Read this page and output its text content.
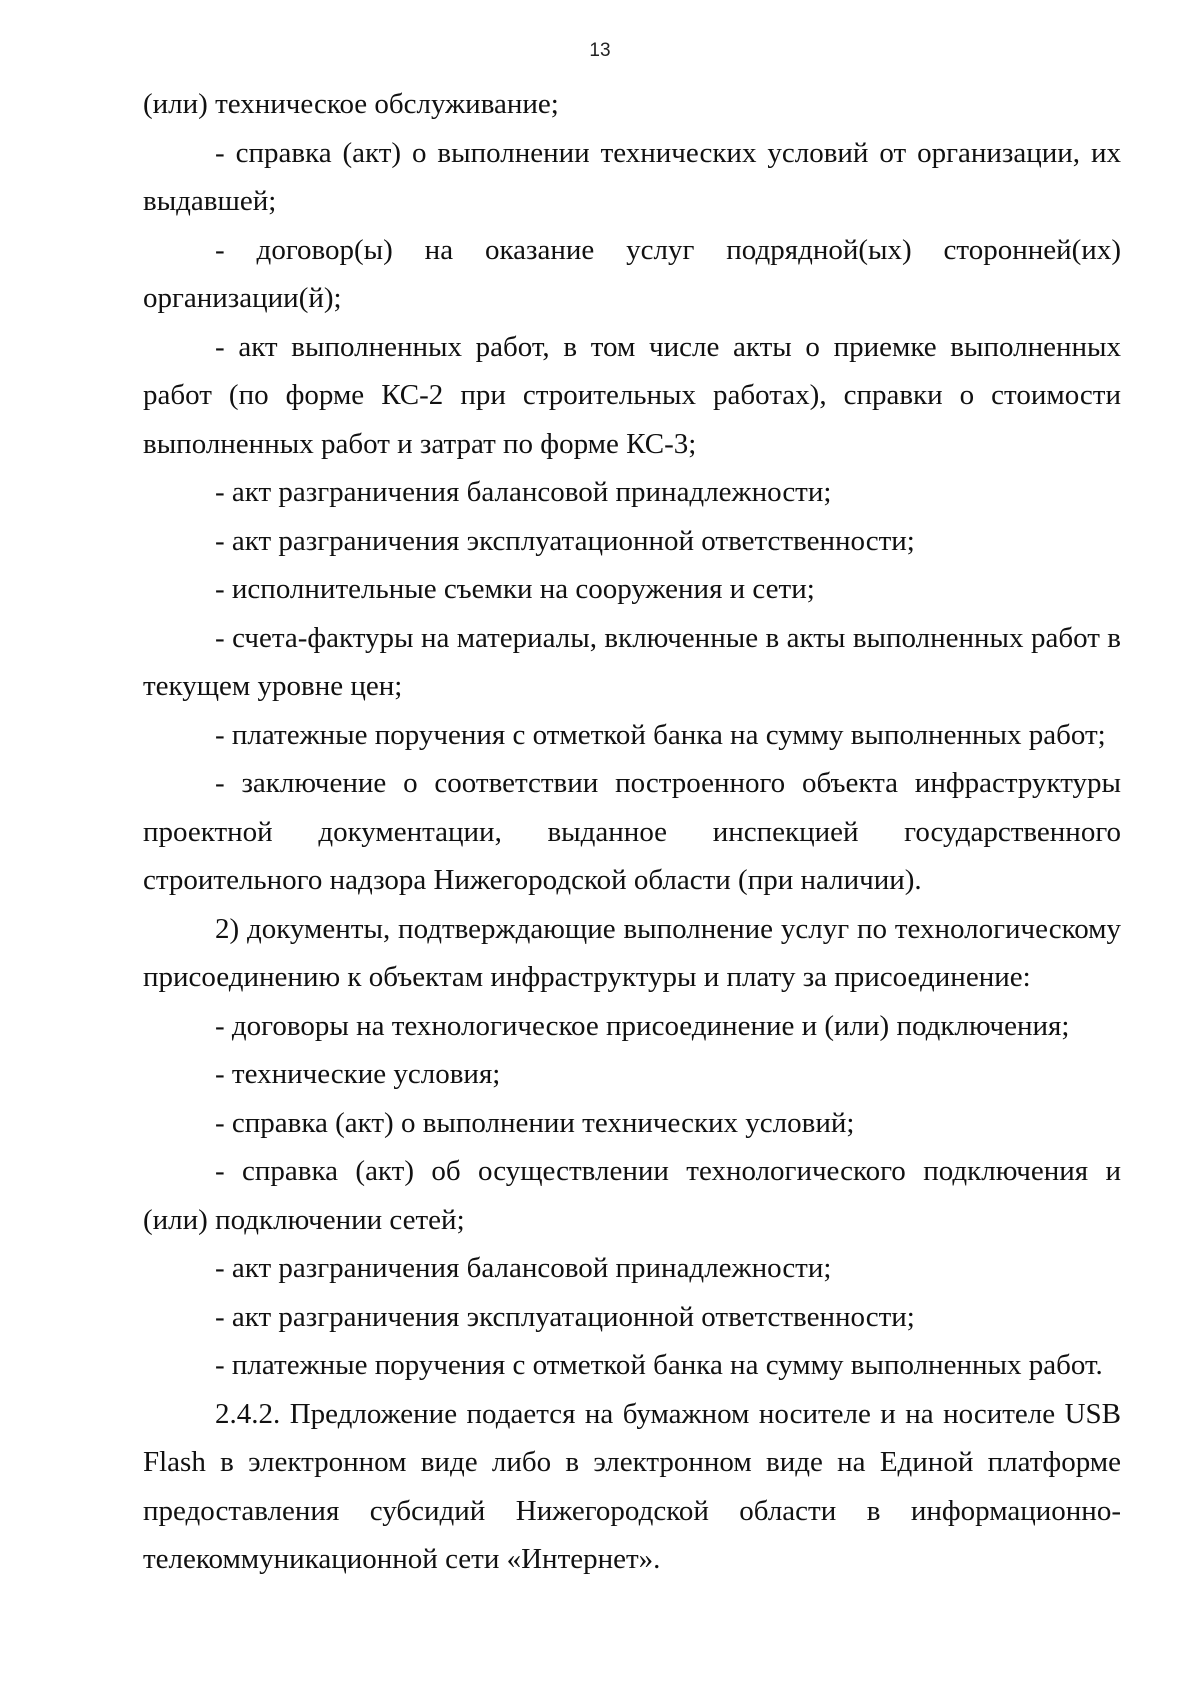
13

(или) техническое обслуживание;

- справка (акт) о выполнении технических условий от организации, их выдавшей;

- договор(ы) на оказание услуг подрядной(ых) сторонней(их) организации(й);

- акт выполненных работ, в том числе акты о приемке выполненных работ (по форме КС-2 при строительных работах), справки о стоимости выполненных работ и затрат по форме КС-3;

- акт разграничения балансовой принадлежности;

- акт разграничения эксплуатационной ответственности;

- исполнительные съемки на сооружения и сети;

- счета-фактуры на материалы, включенные в акты выполненных работ в текущем уровне цен;

- платежные поручения с отметкой банка на сумму выполненных работ;

- заключение о соответствии построенного объекта инфраструктуры проектной документации, выданное инспекцией государственного строительного надзора Нижегородской области (при наличии).

2) документы, подтверждающие выполнение услуг по технологическому присоединению к объектам инфраструктуры и плату за присоединение:

- договоры на технологическое присоединение и (или) подключения;

- технические условия;

- справка (акт) о выполнении технических условий;

- справка (акт) об осуществлении технологического подключения и (или) подключении сетей;

- акт разграничения балансовой принадлежности;

- акт разграничения эксплуатационной ответственности;

- платежные поручения с отметкой банка на сумму выполненных работ.

2.4.2. Предложение подается на бумажном носителе и на носителе USB Flash в электронном виде либо в электронном виде на Единой платформе предоставления субсидий Нижегородской области в информационно-телекоммуникационной сети «Интернет».
